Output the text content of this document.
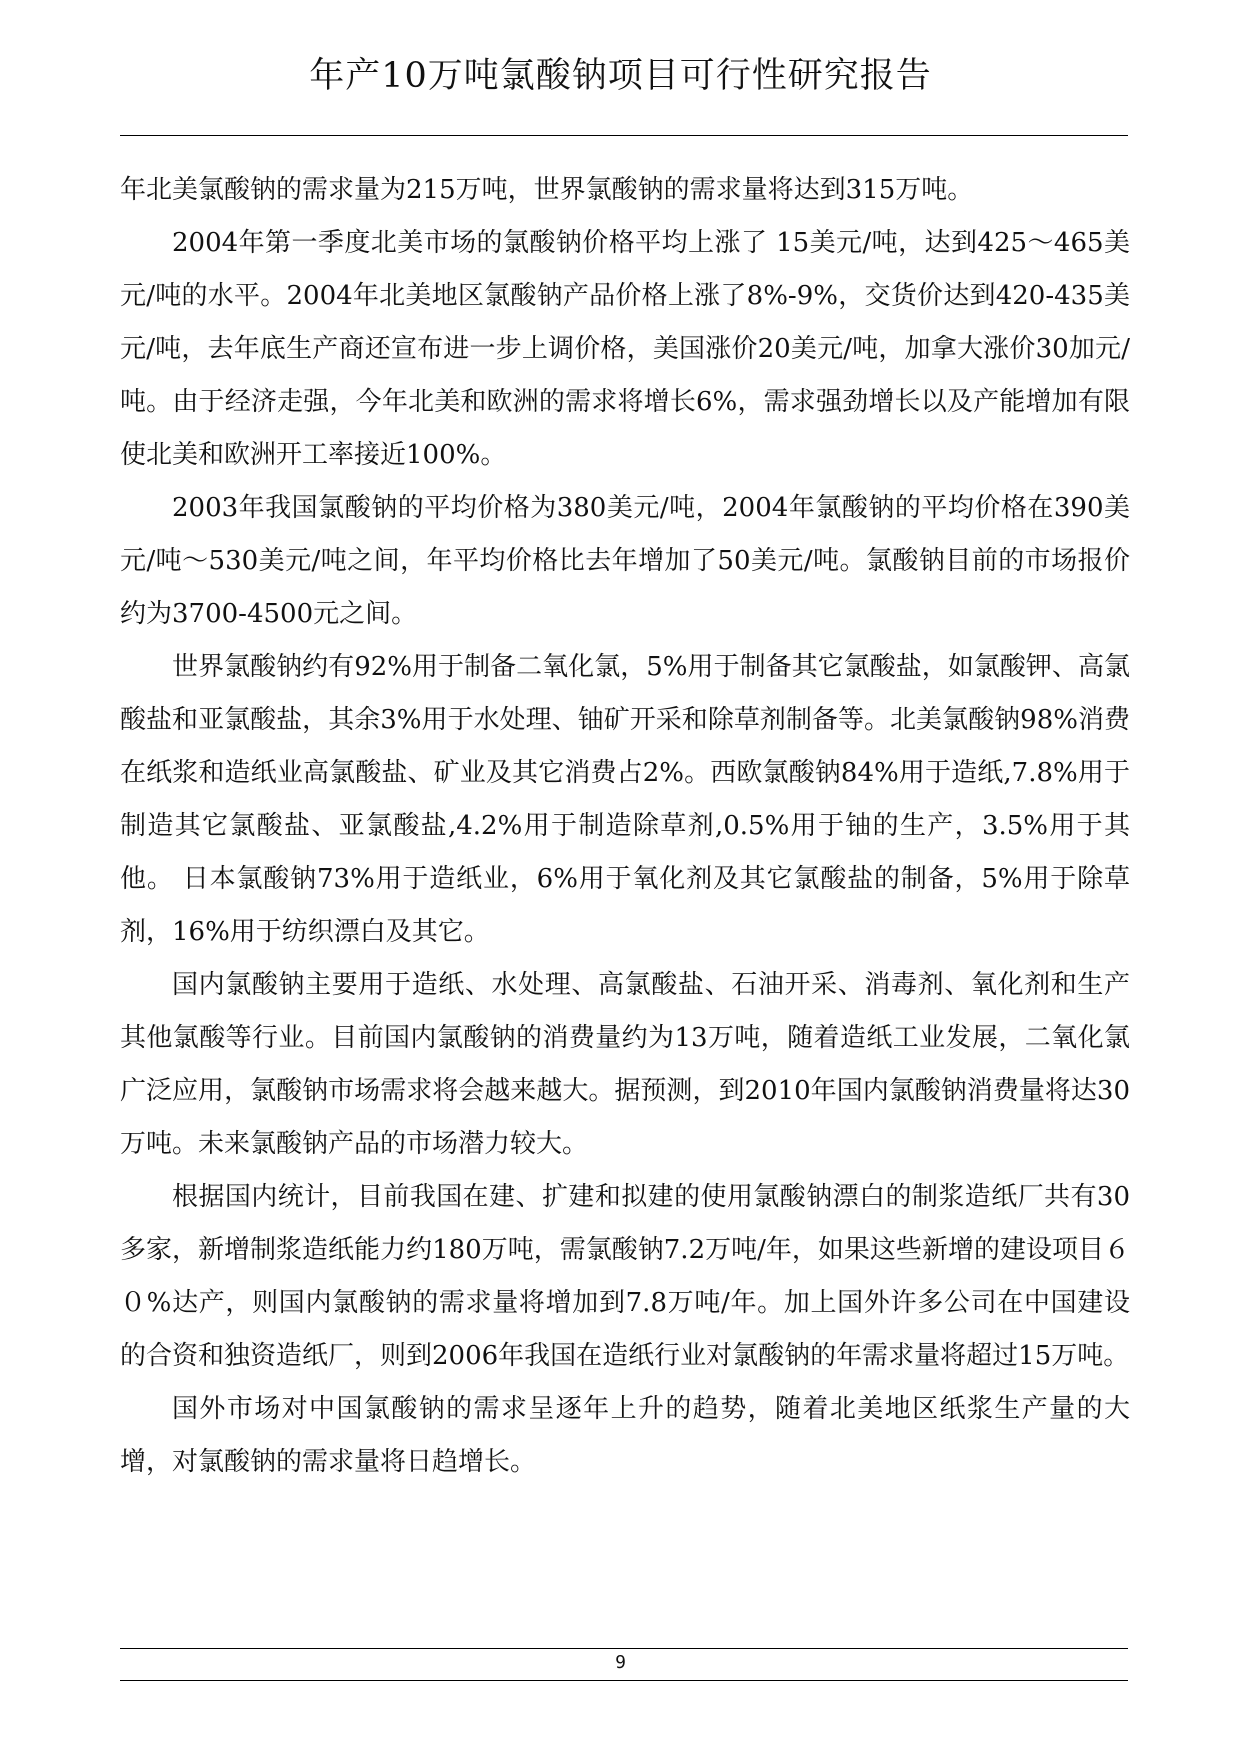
年产10万吨氯酸钠项目可行性研究报告

年北美氯酸钠的需求量为215万吨，世界氯酸钠的需求量将达到315万吨。

2004年第一季度北美市场的氯酸钠价格平均上涨了 15美元/吨，达到425～465美元/吨的水平。2004年北美地区氯酸钠产品价格上涨了8%-9%，交货价达到420-435美元/吨，去年底生产商还宣布进一步上调价格，美国涨价20美元/吨，加拿大涨价30加元/吨。由于经济走强，今年北美和欧洲的需求将增长6%，需求强劲增长以及产能增加有限使北美和欧洲开工率接近100%。

2003年我国氯酸钠的平均价格为380美元/吨，2004年氯酸钠的平均价格在390美元/吨～530美元/吨之间，年平均价格比去年增加了50美元/吨。氯酸钠目前的市场报价约为3700-4500元之间。

世界氯酸钠约有92%用于制备二氧化氯，5%用于制备其它氯酸盐，如氯酸钾、高氯酸盐和亚氯酸盐，其余3%用于水处理、铀矿开采和除草剂制备等。北美氯酸钠98%消费在纸浆和造纸业高氯酸盐、矿业及其它消费占2%。西欧氯酸钠84%用于造纸,7.8%用于制造其它氯酸盐、亚氯酸盐,4.2%用于制造除草剂,0.5%用于铀的生产，3.5%用于其他。 日本氯酸钠73%用于造纸业，6%用于氧化剂及其它氯酸盐的制备，5%用于除草剂，16%用于纺织漂白及其它。

国内氯酸钠主要用于造纸、水处理、高氯酸盐、石油开采、消毒剂、氧化剂和生产其他氯酸等行业。目前国内氯酸钠的消费量约为13万吨，随着造纸工业发展，二氧化氯广泛应用，氯酸钠市场需求将会越来越大。据预测，到2010年国内氯酸钠消费量将达30万吨。未来氯酸钠产品的市场潜力较大。

根据国内统计，目前我国在建、扩建和拟建的使用氯酸钠漂白的制浆造纸厂共有30多家，新增制浆造纸能力约180万吨，需氯酸钠7.2万吨/年，如果这些新增的建设项目６０%达产，则国内氯酸钠的需求量将增加到7.8万吨/年。加上国外许多公司在中国建设的合资和独资造纸厂，则到2006年我国在造纸行业对氯酸钠的年需求量将超过15万吨。

国外市场对中国氯酸钠的需求呈逐年上升的趋势，随着北美地区纸浆生产量的大增，对氯酸钠的需求量将日趋增长。

9
